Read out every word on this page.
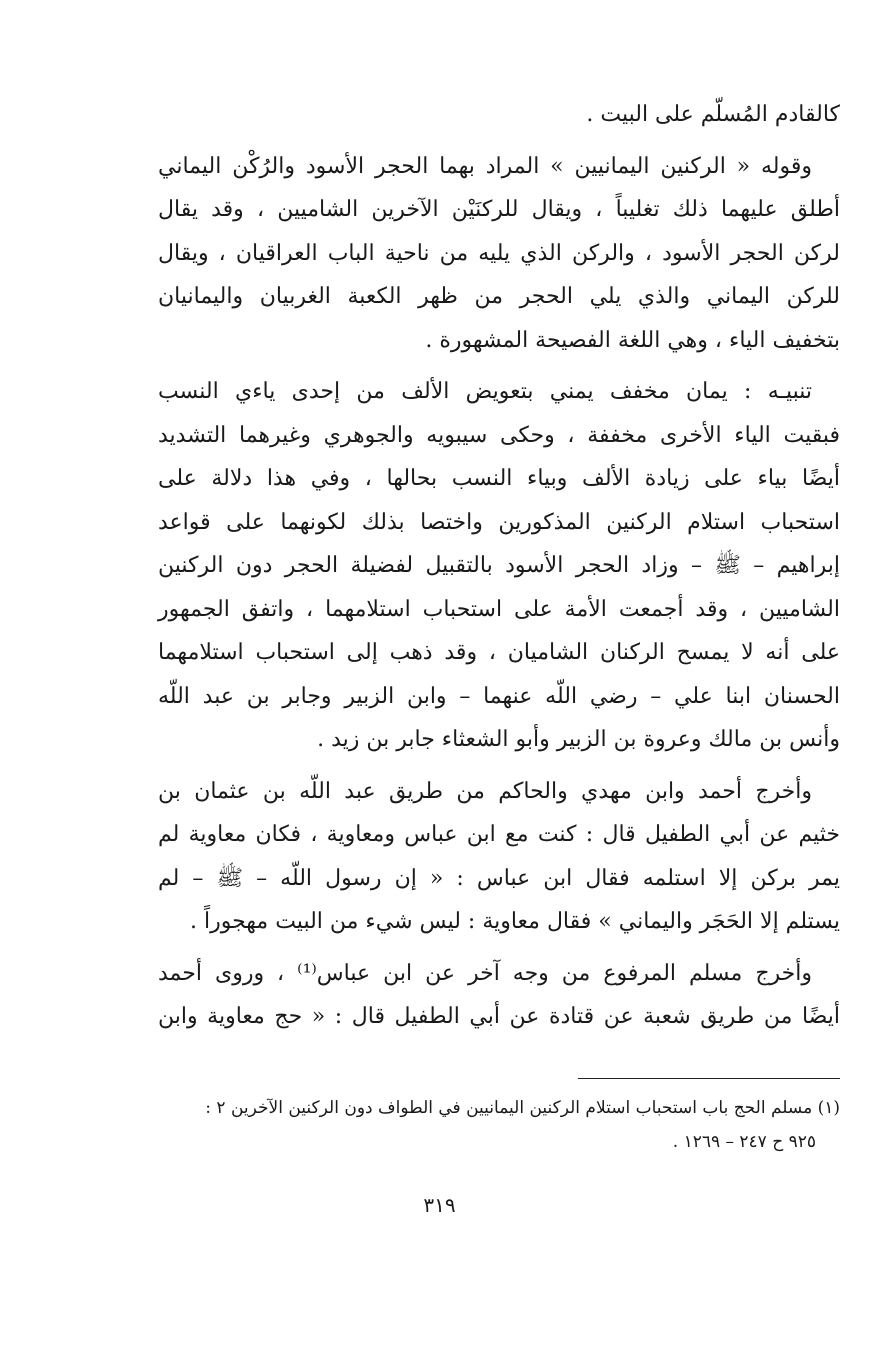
كالقادم المُسلّم على البيت .

وقوله « الركنين اليمانيين » المراد بهما الحجر الأسود والرُكْن اليماني
أطلق عليهما ذلك تغليباً ، ويقال للركنَيْن الآخرين الشاميين ، وقد يقال
لركن الحجر الأسود ، والركن الذي يليه من ناحية الباب العراقيان ، ويقال
للركن اليماني والذي يلي الحجر من ظهر الكعبة الغربيان واليمانيان
بتخفيف الياء ، وهي اللغة الفصيحة المشهورة .

تنبيـه : يمان مخفف يمني بتعويض الألف من إحدى ياءي النسب
فبقيت الياء الأخرى مخففة ، وحكى سيبويه والجوهري وغيرهما التشديد
أيضًا بياء على زيادة الألف وبياء النسب بحالها ، وفي هذا دلالة على
استحباب استلام الركنين المذكورين واختصا بذلك لكونهما على قواعد
إبراهيم – ﷺ – وزاد الحجر الأسود بالتقبيل لفضيلة الحجر دون الركنين
الشاميين ، وقد أجمعت الأمة على استحباب استلامهما ، واتفق الجمهور
على أنه لا يمسح الركنان الشاميان ، وقد ذهب إلى استحباب استلامهما
الحسنان ابنا علي – رضي اللّه عنهما – وابن الزبير وجابر بن عبد اللّه
وأنس بن مالك وعروة بن الزبير وأبو الشعثاء جابر بن زيد .

وأخرج أحمد وابن مهدي والحاكم من طريق عبد اللّه بن عثمان بن
خثيم عن أبي الطفيل قال : كنت مع ابن عباس ومعاوية ، فكان معاوية لم
يمر بركن إلا استلمه فقال ابن عباس : « إن رسول اللّه – ﷺ – لم
يستلم إلا الحَجَر واليماني » فقال معاوية : ليس شيء من البيت مهجوراً .

وأخرج مسلم المرفوع من وجه آخر عن ابن عباس⁽¹⁾ ، وروى أحمد
أيضًا من طريق شعبة عن قتادة عن أبي الطفيل قال : « حج معاوية وابن

(١) مسلم الحج باب استحباب استلام الركنين اليمانيين في الطواف دون الركنين الآخرين ٢ :
٩٢٥ ح ٢٤٧ – ١٢٦٩ .
٣١٩
